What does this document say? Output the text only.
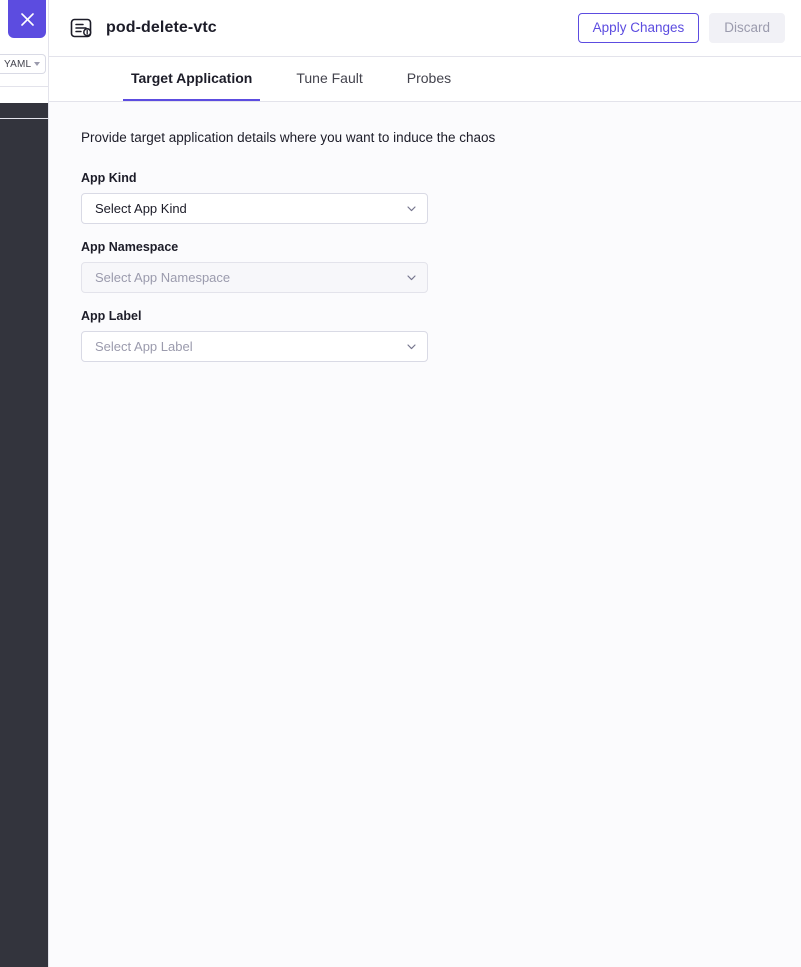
YAML
pod-delete-vtc	Apply Changes	Discard
Target Application	Tune Fault	Probes

Provide target application details where you want to induce the chaos

App Kind
Select App Kind
App Namespace
Select App Namespace
App Label
Select App Label
